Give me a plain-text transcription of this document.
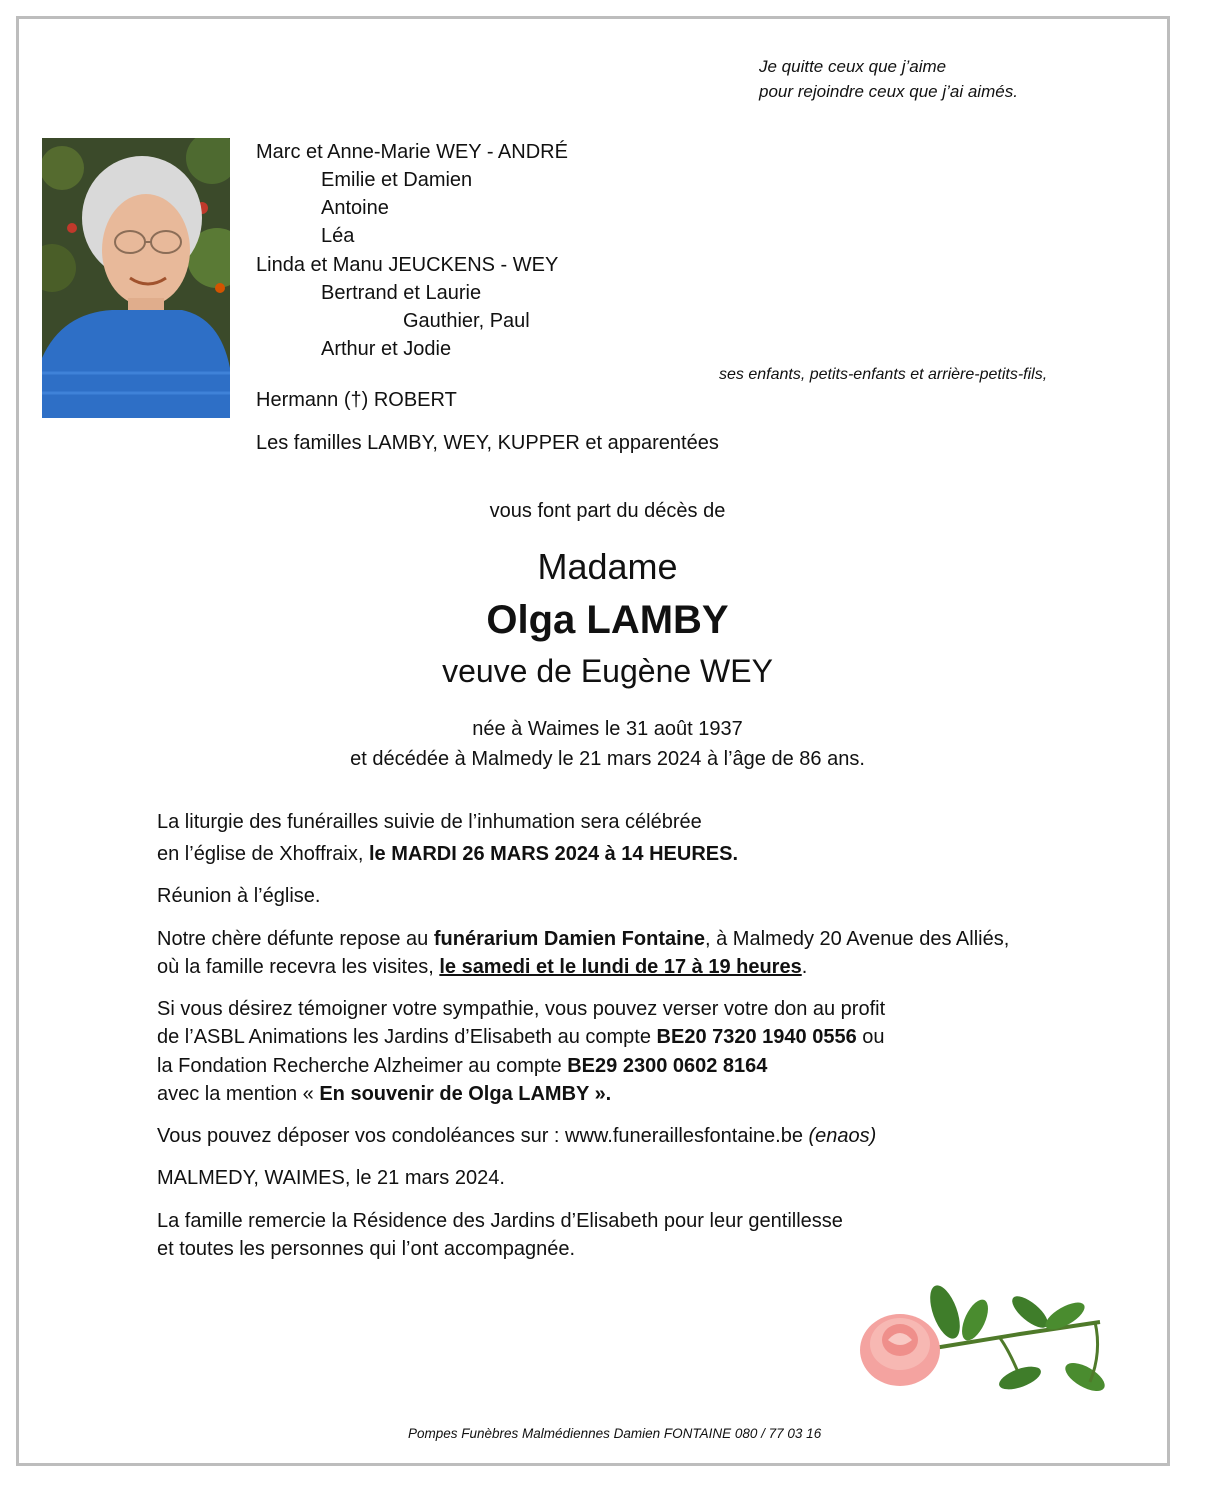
Je quitte ceux que j’aime
pour rejoindre ceux que j’ai aimés.
Marc et Anne-Marie WEY - ANDRÉ
Emilie et Damien
Antoine
Léa
Linda et Manu JEUCKENS - WEY
Bertrand et Laurie
Gauthier, Paul
Arthur et Jodie
ses enfants, petits-enfants et arrière-petits-fils,
Hermann (†) ROBERT
Les familles LAMBY, WEY, KUPPER et apparentées
vous font part du décès de
Madame
Olga LAMBY
veuve de Eugène WEY
née à Waimes le 31 août 1937
et décédée à Malmedy le 21 mars 2024 à l’âge de 86 ans.
La liturgie des funérailles suivie de l’inhumation sera célébrée
en l’église de Xhoffraix, le MARDI 26 MARS 2024 à 14 HEURES.
Réunion à l’église.
Notre chère défunte repose au funérarium Damien Fontaine, à Malmedy 20 Avenue des Alliés,
où la famille recevra les visites, le samedi et le lundi de 17 à 19 heures.
Si vous désirez témoigner votre sympathie, vous pouvez verser votre don au profit
de l’ASBL Animations les Jardins d’Elisabeth au compte BE20 7320 1940 0556 ou
la Fondation Recherche Alzheimer au compte BE29 2300 0602 8164
avec la mention « En souvenir de Olga LAMBY ».
Vous pouvez déposer vos condoléances sur : www.funeraillesfontaine.be (enaos)
MALMEDY, WAIMES, le 21 mars 2024.
La famille remercie la Résidence des Jardins d’Elisabeth pour leur gentillesse
et toutes les personnes qui l’ont accompagnée.
Pompes Funèbres Malmédiennes Damien FONTAINE 080 / 77 03 16
